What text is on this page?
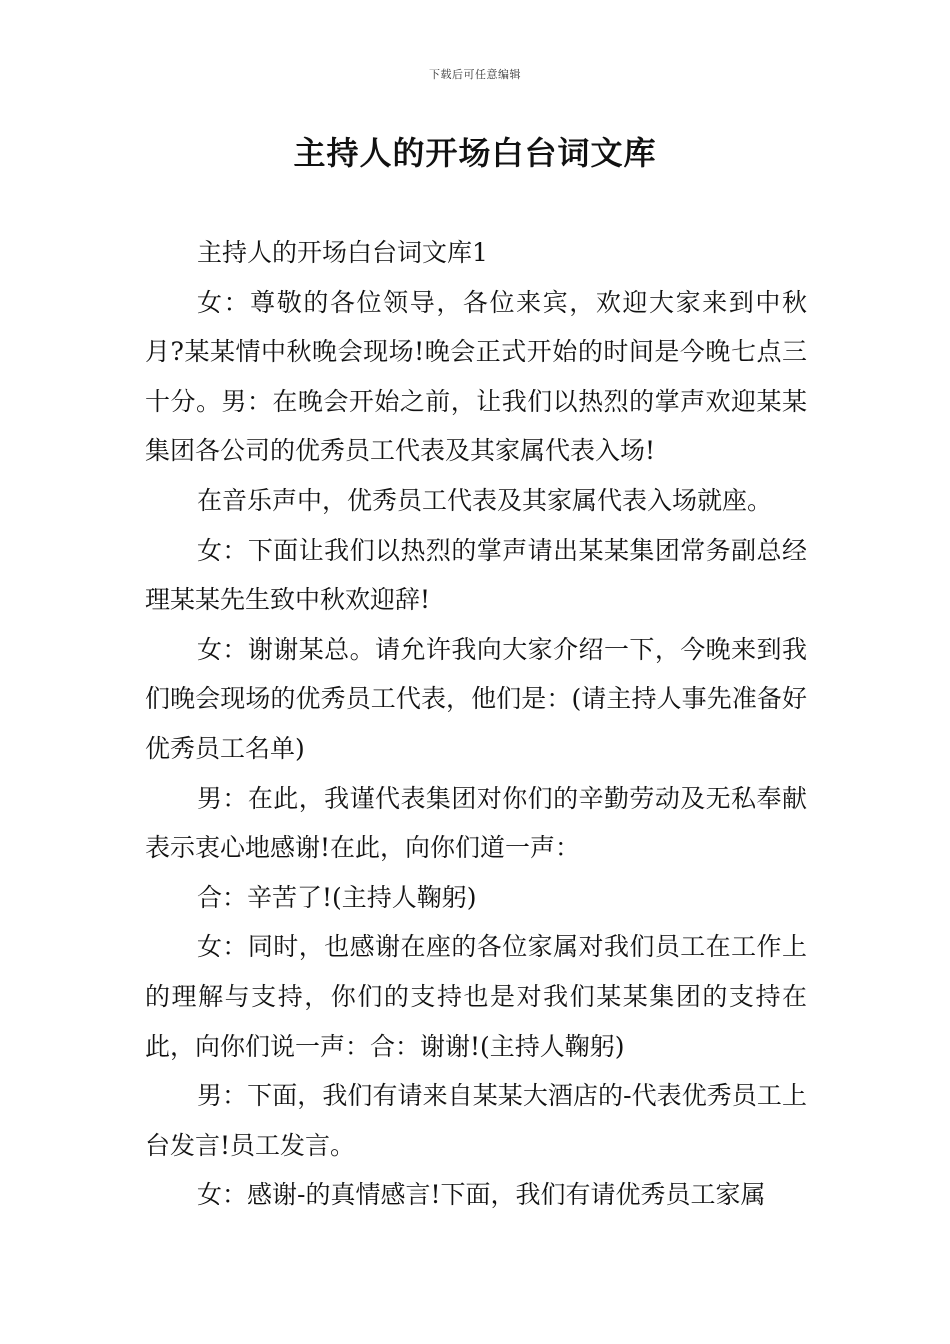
下载后可任意编辑
主持人的开场白台词文库

主持人的开场白台词文库1

女：尊敬的各位领导，各位来宾，欢迎大家来到中秋月?某某情中秋晚会现场!晚会正式开始的时间是今晚七点三十分。男：在晚会开始之前，让我们以热烈的掌声欢迎某某集团各公司的优秀员工代表及其家属代表入场!

在音乐声中，优秀员工代表及其家属代表入场就座。

女：下面让我们以热烈的掌声请出某某集团常务副总经理某某先生致中秋欢迎辞!

女：谢谢某总。请允许我向大家介绍一下，今晚来到我们晚会现场的优秀员工代表，他们是：(请主持人事先准备好优秀员工名单)

男：在此，我谨代表集团对你们的辛勤劳动及无私奉献表示衷心地感谢!在此，向你们道一声：

合：辛苦了!(主持人鞠躬)

女：同时，也感谢在座的各位家属对我们员工在工作上的理解与支持，你们的支持也是对我们某某集团的支持在此，向你们说一声：合：谢谢!(主持人鞠躬)

男：下面，我们有请来自某某大酒店的-代表优秀员工上台发言!员工发言。

女：感谢-的真情感言!下面，我们有请优秀员工家属
